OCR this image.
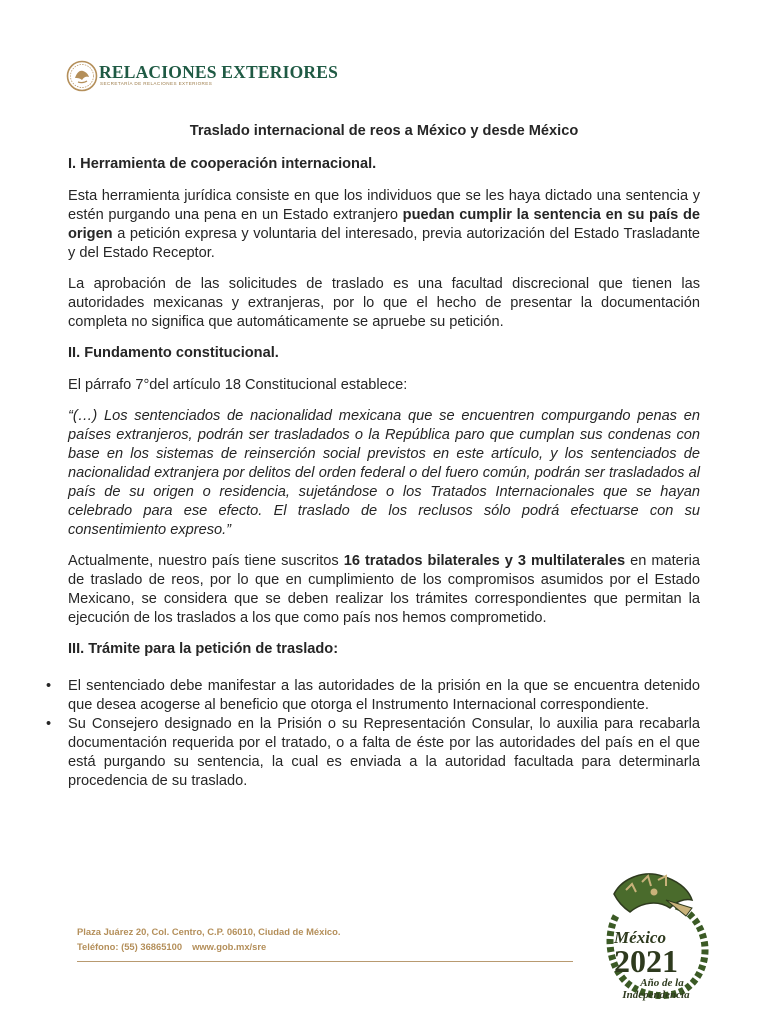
RELACIONES EXTERIORES
SECRETARÍA DE RELACIONES EXTERIORES
Traslado internacional de reos a México y desde México
I. Herramienta de cooperación internacional.

Esta herramienta jurídica consiste en que los individuos que se les haya dictado una sentencia y estén purgando una pena en un Estado extranjero puedan cumplir la sentencia en su país de origen a petición expresa y voluntaria del interesado, previa autorización del Estado Trasladante y del Estado Receptor.

La aprobación de las solicitudes de traslado es una facultad discrecional que tienen las autoridades mexicanas y extranjeras, por lo que el hecho de presentar la documentación completa no significa que automáticamente se apruebe su petición.

II. Fundamento constitucional.

El párrafo 7°del artículo 18 Constitucional establece:

“(…) Los sentenciados de nacionalidad mexicana que se encuentren compurgando penas en países extranjeros, podrán ser trasladados o la República paro que cumplan sus condenas con base en los sistemas de reinserción social previstos en este artículo, y los sentenciados de nacionalidad extranjera por delitos del orden federal o del fuero común, podrán ser trasladados al país de su origen o residencia, sujetándose o los Tratados Internacionales que se hayan celebrado para ese efecto. El traslado de los reclusos sólo podrá efectuarse con su consentimiento expreso.”

Actualmente, nuestro país tiene suscritos 16 tratados bilaterales y 3 multilaterales en materia de traslado de reos, por lo que en cumplimiento de los compromisos asumidos por el Estado Mexicano, se considera que se deben realizar los trámites correspondientes que permitan la ejecución de los traslados a los que como país nos hemos comprometido.

III. Trámite para la petición de traslado:
• El sentenciado debe manifestar a las autoridades de la prisión en la que se encuentra detenido que desea acogerse al beneficio que otorga el Instrumento Internacional correspondiente.
• Su Consejero designado en la Prisión o su Representación Consular, lo auxilia para recabarla documentación requerida por el tratado, o a falta de éste por las autoridades del país en el que está purgando su sentencia, la cual es enviada a la autoridad facultada para determinarla procedencia de su traslado.
Plaza Juárez 20, Col. Centro, C.P. 06010, Ciudad de México.
Teléfono: (55) 36865100 www.gob.mx/sre	México
2021
Año de la
Independencia
